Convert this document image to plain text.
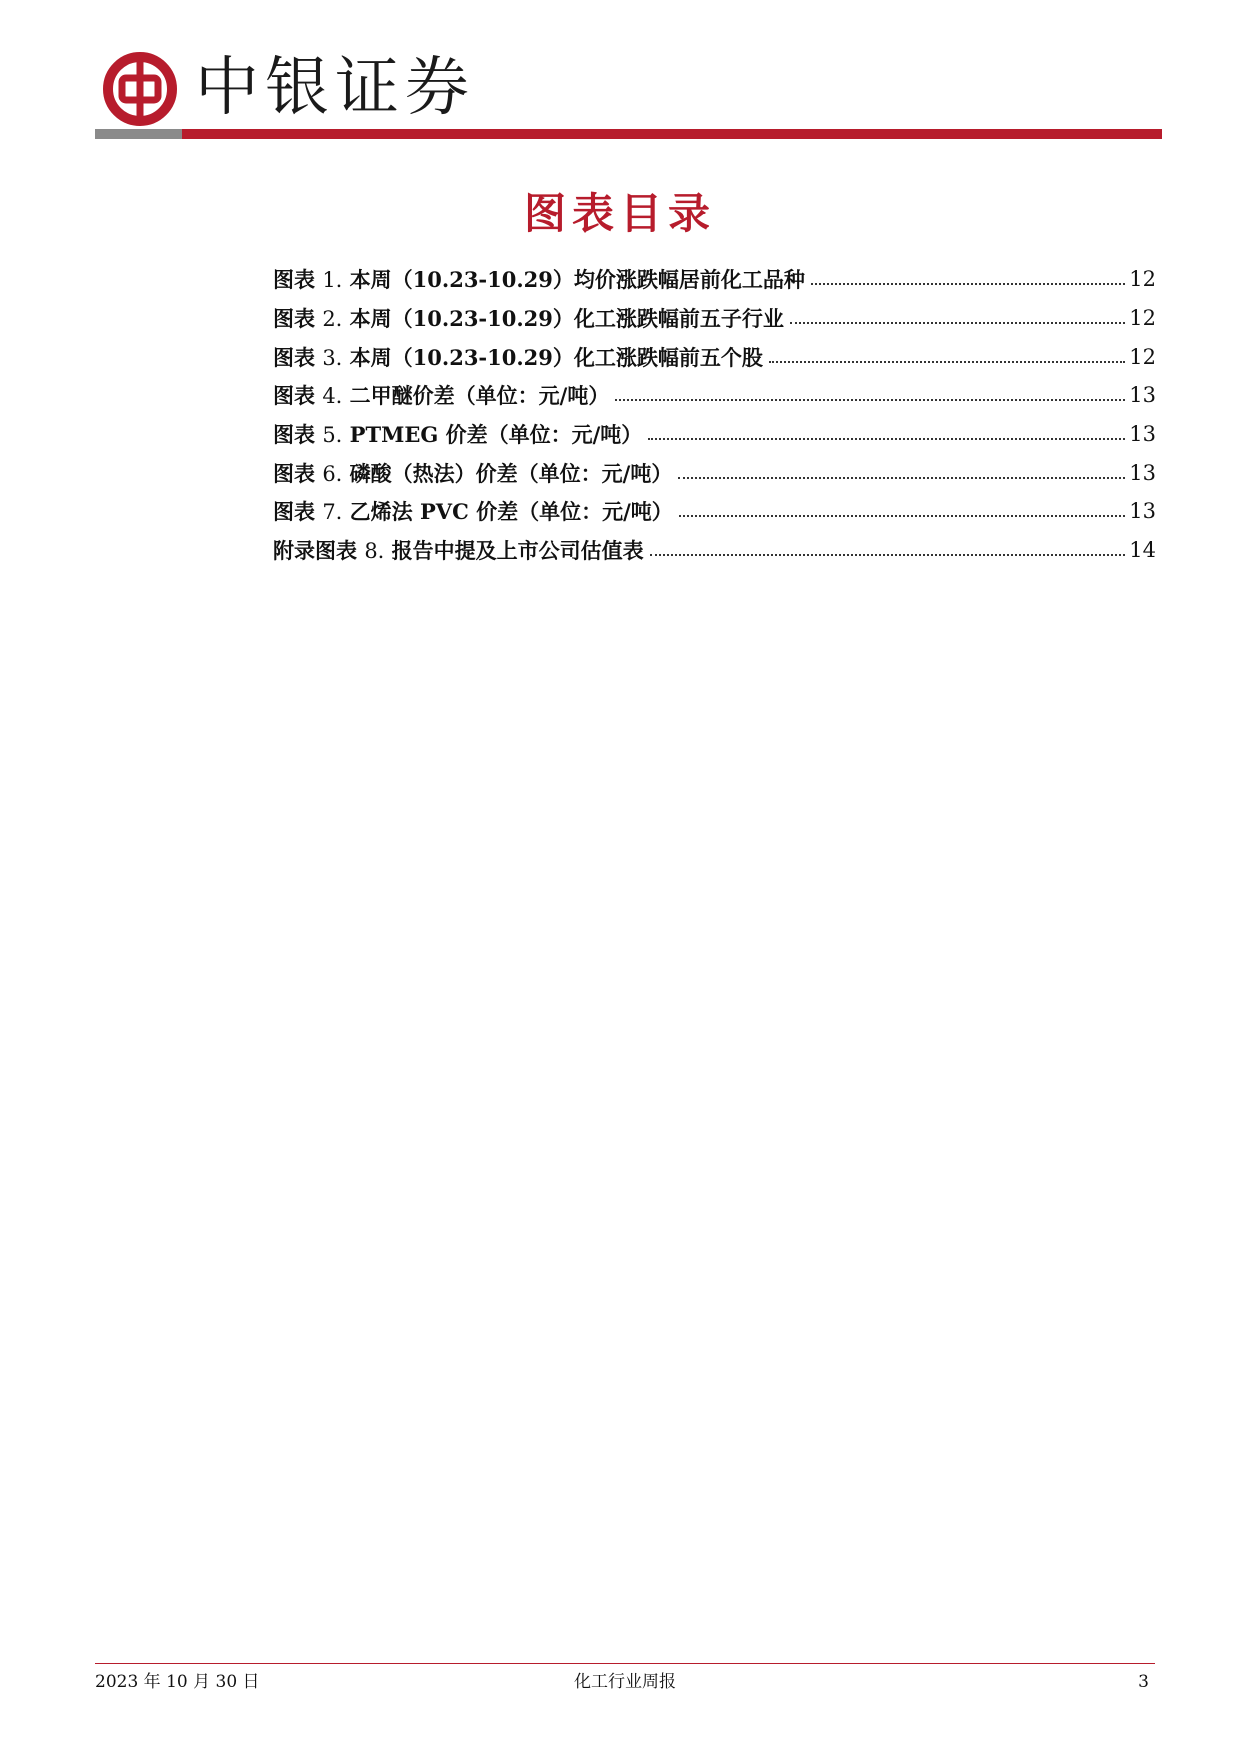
中银证券
图表目录
图表 1. 本周（10.23-10.29）均价涨跌幅居前化工品种	12
图表 2. 本周（10.23-10.29）化工涨跌幅前五子行业	12
图表 3. 本周（10.23-10.29）化工涨跌幅前五个股	12
图表 4. 二甲醚价差（单位：元/吨）	13
图表 5. PTMEG 价差（单位：元/吨）	13
图表 6. 磷酸（热法）价差（单位：元/吨）	13
图表 7. 乙烯法 PVC 价差（单位：元/吨）	13
附录图表 8. 报告中提及上市公司估值表	14
2023 年 10 月 30 日	化工行业周报	3
